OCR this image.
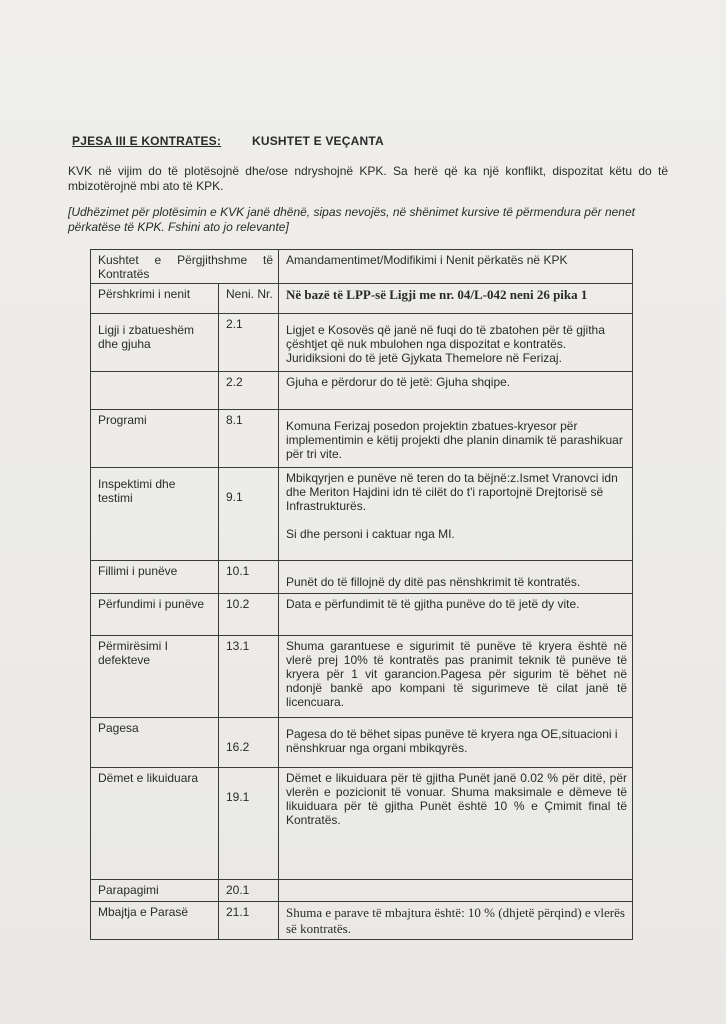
PJESA III E KONTRATES:	KUSHTET E VEÇANTA
KVK në vijim do të plotësojnë dhe/ose ndryshojnë KPK. Sa herë që ka një konflikt, dispozitat këtu do të mbizotërojnë mbi ato të KPK.
[Udhëzimet për plotësimin e KVK janë dhënë, sipas nevojës, në shënimet kursive të përmendura për nenet përkatëse të KPK. Fshini ato jo relevante]
Kushtet e Përgjithshme të Kontratës		Amandamentimet/Modifikimi i Nenit përkatës në KPK
Përshkrimi i nenit	Neni. Nr.	Në bazë të LPP-së Ligji me nr. 04/L-042 neni 26 pika 1
Ligji i zbatueshëm dhe gjuha	2.1	Ligjet e Kosovës që janë në fuqi do të zbatohen për të gjitha çështjet që nuk mbulohen nga dispozitat e kontratës. Juridiksioni do të jetë Gjykata Themelore në Ferizaj.
	2.2	Gjuha e përdorur do të jetë: Gjuha shqipe.
Programi	8.1	Komuna Ferizaj posedon projektin zbatues-kryesor për implementimin e këtij projekti dhe planin dinamik të parashikuar për tri vite.
Inspektimi dhe testimi	9.1	Mbikqyrjen e punëve në teren do ta bëjnë:z.Ismet Vranovci idn dhe Meriton Hajdini idn të cilët do t'i raportojnë Drejtorisë së Infrastrukturës.
Si dhe personi i caktuar nga MI.

Fillimi i punëve	10.1	Punët do të fillojnë dy ditë pas nënshkrimit të kontratës.
Përfundimi i punëve	10.2	Data e përfundimit të të gjitha punëve do të jetë dy vite.
Përmirësimi I defekteve	13.1	Shuma garantuese e sigurimit të punëve të kryera është në vlerë prej 10% të kontratës pas pranimit teknik të punëve të kryera për 1 vit garancion.Pagesa për sigurim të bëhet në ndonjë bankë apo kompani të sigurimeve të cilat janë të licencuara.
Pagesa	16.2	Pagesa do të bëhet sipas punëve të kryera nga OE,situacioni i nënshkruar nga organi mbikqyrës.
Dëmet e likuiduara	19.1	Dëmet e likuiduara për të gjitha Punët janë 0.02 % për ditë, për vlerën e pozicionit të vonuar. Shuma maksimale e dëmeve të likuiduara për të gjitha Punët është 10 % e Çmimit final të Kontratës.
Parapagimi	20.1	
Mbajtja e Parasë	21.1	Shuma e parave të mbajtura është: 10 % (dhjetë përqind) e vlerës së kontratës.
